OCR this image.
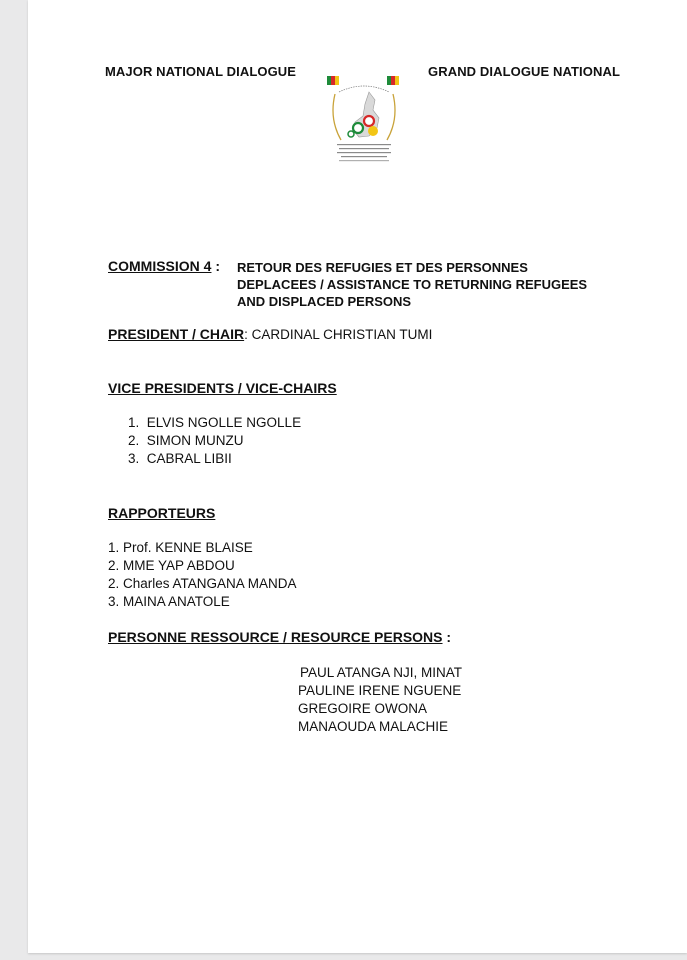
MAJOR NATIONAL DIALOGUE	GRAND DIALOGUE NATIONAL
COMMISSION 4 : RETOUR DES REFUGIES ET DES PERSONNES
DEPLACEES / ASSISTANCE TO RETURNING REFUGEES
AND DISPLACED PERSONS
PRESIDENT / CHAIR: CARDINAL CHRISTIAN TUMI
VICE PRESIDENTS / VICE-CHAIRS
1.  ELVIS NGOLLE NGOLLE
2.  SIMON MUNZU
3.  CABRAL LIBII
RAPPORTEURS
1. Prof. KENNE BLAISE
2. MME YAP ABDOU
2. Charles ATANGANA MANDA
3. MAINA ANATOLE
PERSONNE RESSOURCE / RESOURCE PERSONS :
PAUL ATANGA NJI, MINAT
PAULINE IRENE NGUENE
GREGOIRE OWONA
MANAOUDA MALACHIE
